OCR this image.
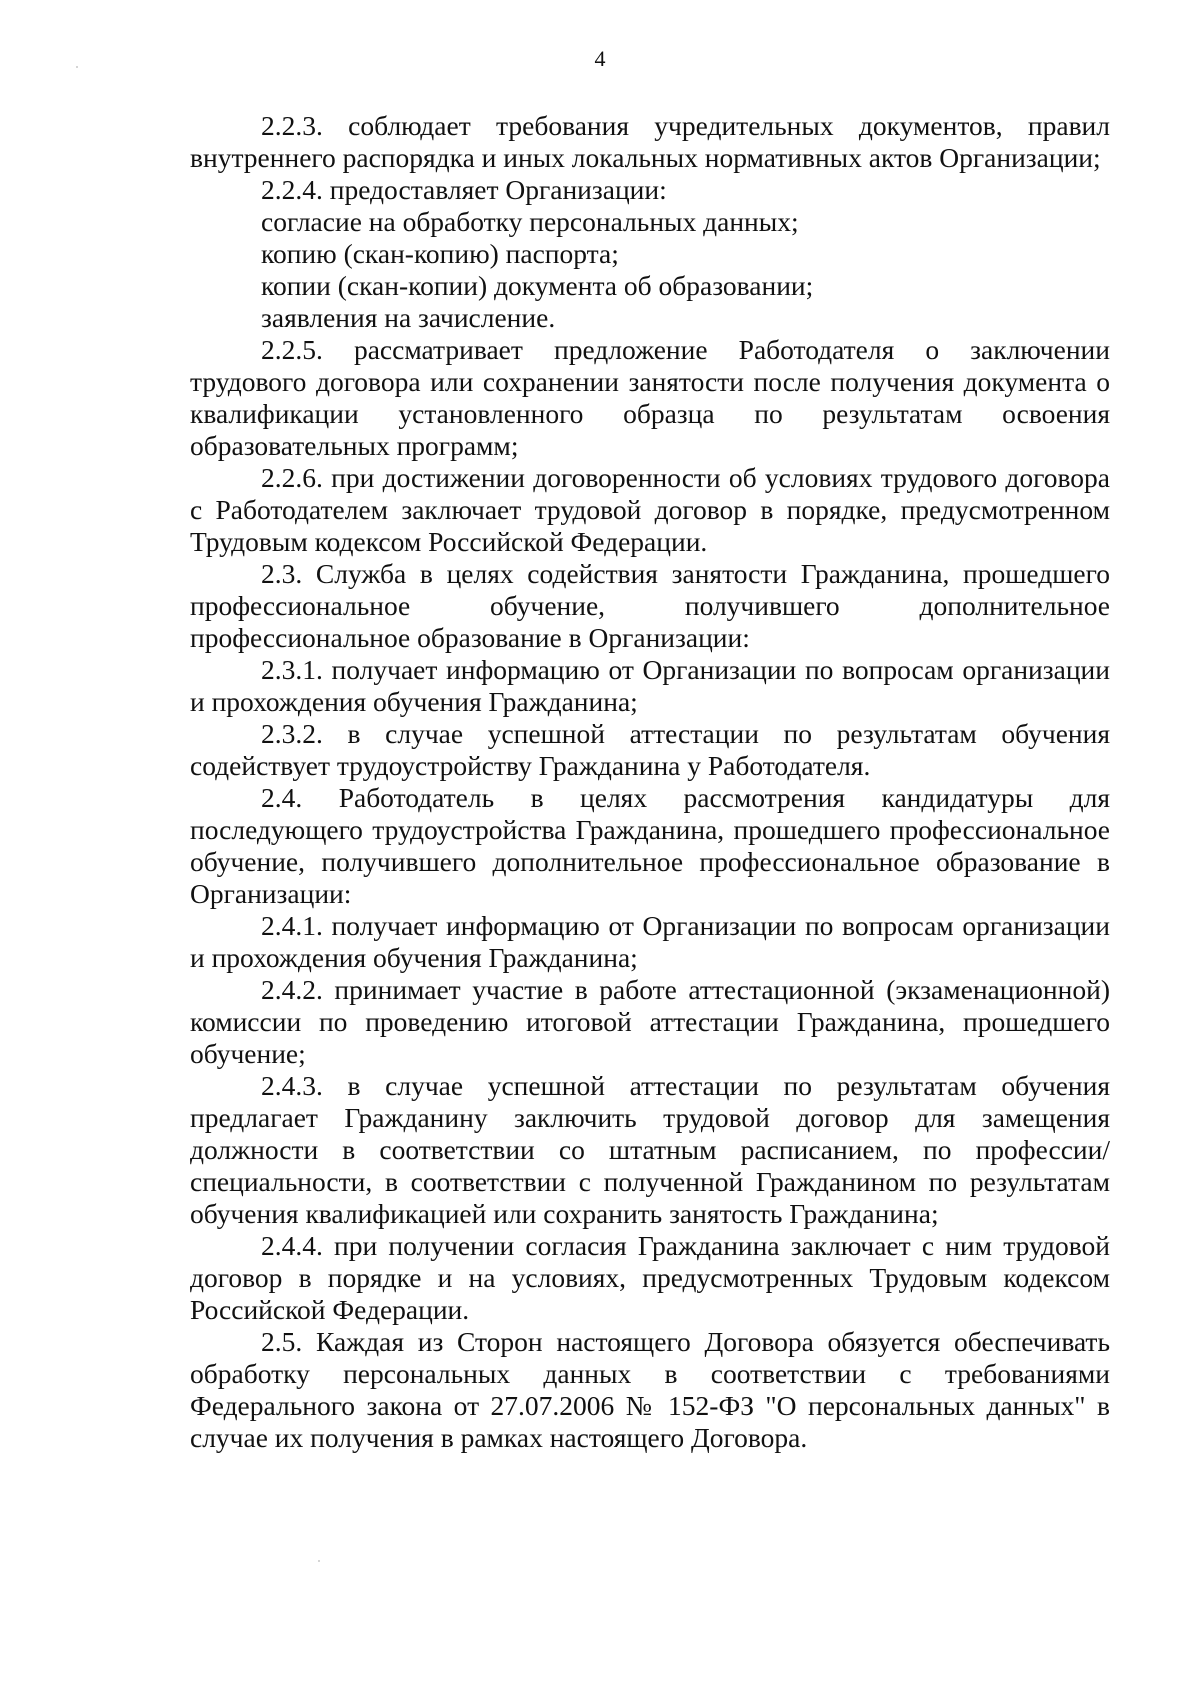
4

2.2.3. соблюдает требования учредительных документов, правил внутреннего распорядка и иных локальных нормативных актов Организации;

2.2.4. предоставляет Организации:

согласие на обработку персональных данных;

копию (скан-копию) паспорта;

копии (скан-копии) документа об образовании;

заявления на зачисление.

2.2.5. рассматривает предложение Работодателя о заключении трудового договора или сохранении занятости после получения документа о квалификации установленного образца по результатам освоения образовательных программ;

2.2.6. при достижении договоренности об условиях трудового договора с Работодателем заключает трудовой договор в порядке, предусмотренном Трудовым кодексом Российской Федерации.

2.3. Служба в целях содействия занятости Гражданина, прошедшего профессиональное обучение, получившего дополнительное профессиональное образование в Организации:

2.3.1. получает информацию от Организации по вопросам организации и прохождения обучения Гражданина;

2.3.2. в случае успешной аттестации по результатам обучения содействует трудоустройству Гражданина у Работодателя.

2.4. Работодатель в целях рассмотрения кандидатуры для последующего трудоустройства Гражданина, прошедшего профессиональное обучение, получившего дополнительное профессиональное образование в Организации:

2.4.1. получает информацию от Организации по вопросам организации и прохождения обучения Гражданина;

2.4.2. принимает участие в работе аттестационной (экзаменационной) комиссии по проведению итоговой аттестации Гражданина, прошедшего обучение;

2.4.3. в случае успешной аттестации по результатам обучения предлагает Гражданину заключить трудовой договор для замещения должности в соответствии со штатным расписанием, по профессии/специальности, в соответствии с полученной Гражданином по результатам обучения квалификацией или сохранить занятость Гражданина;

2.4.4. при получении согласия Гражданина заключает с ним трудовой договор в порядке и на условиях, предусмотренных Трудовым кодексом Российской Федерации.

2.5. Каждая из Сторон настоящего Договора обязуется обеспечивать обработку персональных данных в соответствии с требованиями Федерального закона от 27.07.2006 № 152-ФЗ "О персональных данных" в случае их получения в рамках настоящего Договора.
